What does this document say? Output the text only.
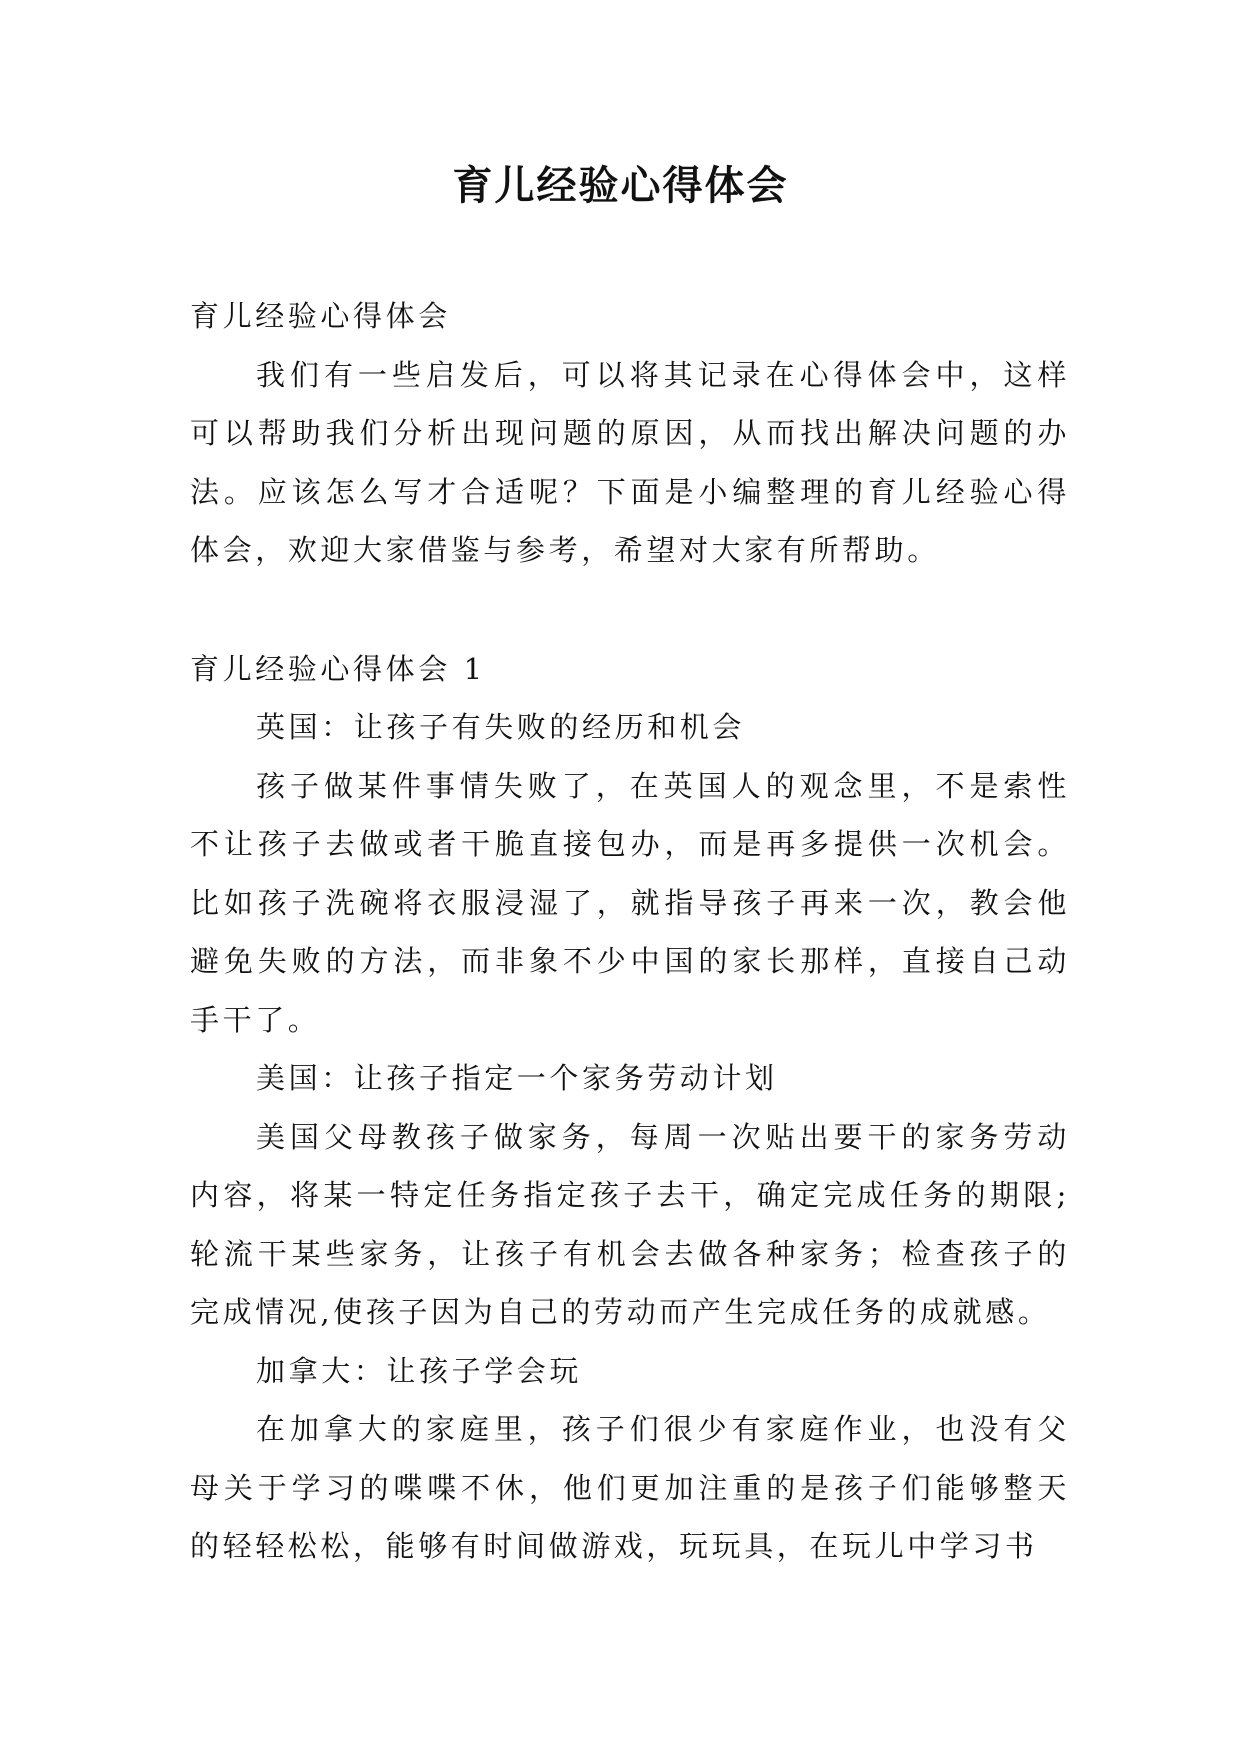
育儿经验心得体会

育儿经验心得体会

我们有一些启发后，可以将其记录在心得体会中，这样可以帮助我们分析出现问题的原因，从而找出解决问题的办法。应该怎么写才合适呢？下面是小编整理的育儿经验心得体会，欢迎大家借鉴与参考，希望对大家有所帮助。

育儿经验心得体会 1

英国：让孩子有失败的经历和机会

孩子做某件事情失败了，在英国人的观念里，不是索性不让孩子去做或者干脆直接包办，而是再多提供一次机会。比如孩子洗碗将衣服浸湿了，就指导孩子再来一次，教会他避免失败的方法，而非象不少中国的家长那样，直接自己动手干了。

美国：让孩子指定一个家务劳动计划

美国父母教孩子做家务，每周一次贴出要干的家务劳动内容，将某一特定任务指定孩子去干，确定完成任务的期限;轮流干某些家务，让孩子有机会去做各种家务；检查孩子的完成情况,使孩子因为自己的劳动而产生完成任务的成就感。

加拿大：让孩子学会玩

在加拿大的家庭里，孩子们很少有家庭作业，也没有父母关于学习的喋喋不休，他们更加注重的是孩子们能够整天的轻轻松松，能够有时间做游戏，玩玩具，在玩儿中学习书
